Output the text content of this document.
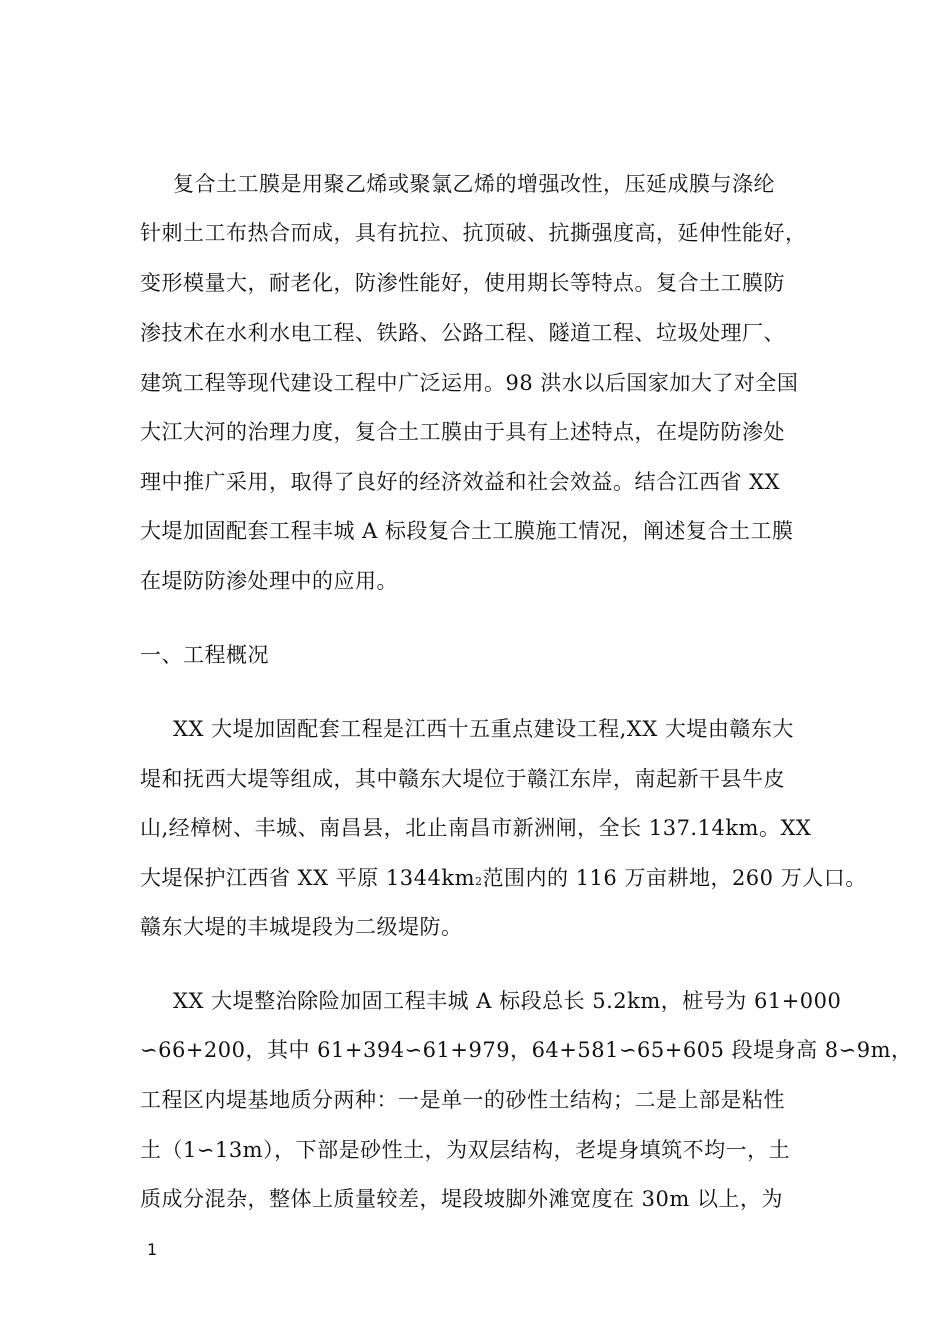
复合土工膜是用聚乙烯或聚氯乙烯的增强改性，压延成膜与涤纶
针刺土工布热合而成，具有抗拉、抗顶破、抗撕强度高，延伸性能好，
变形模量大，耐老化，防渗性能好，使用期长等特点。复合土工膜防
渗技术在水利水电工程、铁路、公路工程、隧道工程、垃圾处理厂、
建筑工程等现代建设工程中广泛运用。98 洪水以后国家加大了对全国
大江大河的治理力度，复合土工膜由于具有上述特点，在堤防防渗处
理中推广采用，取得了良好的经济效益和社会效益。结合江西省 XX
大堤加固配套工程丰城 A 标段复合土工膜施工情况，阐述复合土工膜
在堤防防渗处理中的应用。
一、工程概况
XX 大堤加固配套工程是江西十五重点建设工程,XX 大堤由赣东大
堤和抚西大堤等组成，其中赣东大堤位于赣江东岸，南起新干县牛皮
山,经樟树、丰城、南昌县，北止南昌市新洲闸，全长 137.14km。XX
大堤保护江西省 XX 平原 1344km2范围内的 116 万亩耕地，260 万人口。
赣东大堤的丰城堤段为二级堤防。
XX 大堤整治除险加固工程丰城 A 标段总长 5.2km，桩号为 61+000
∽66+200，其中 61+394∽61+979，64+581∽65+605 段堤身高 8∽9m，
工程区内堤基地质分两种：一是单一的砂性土结构；二是上部是粘性
土（1∽13m），下部是砂性土，为双层结构，老堤身填筑不均一，土
质成分混杂，整体上质量较差，堤段坡脚外滩宽度在 30m 以上，为
1
